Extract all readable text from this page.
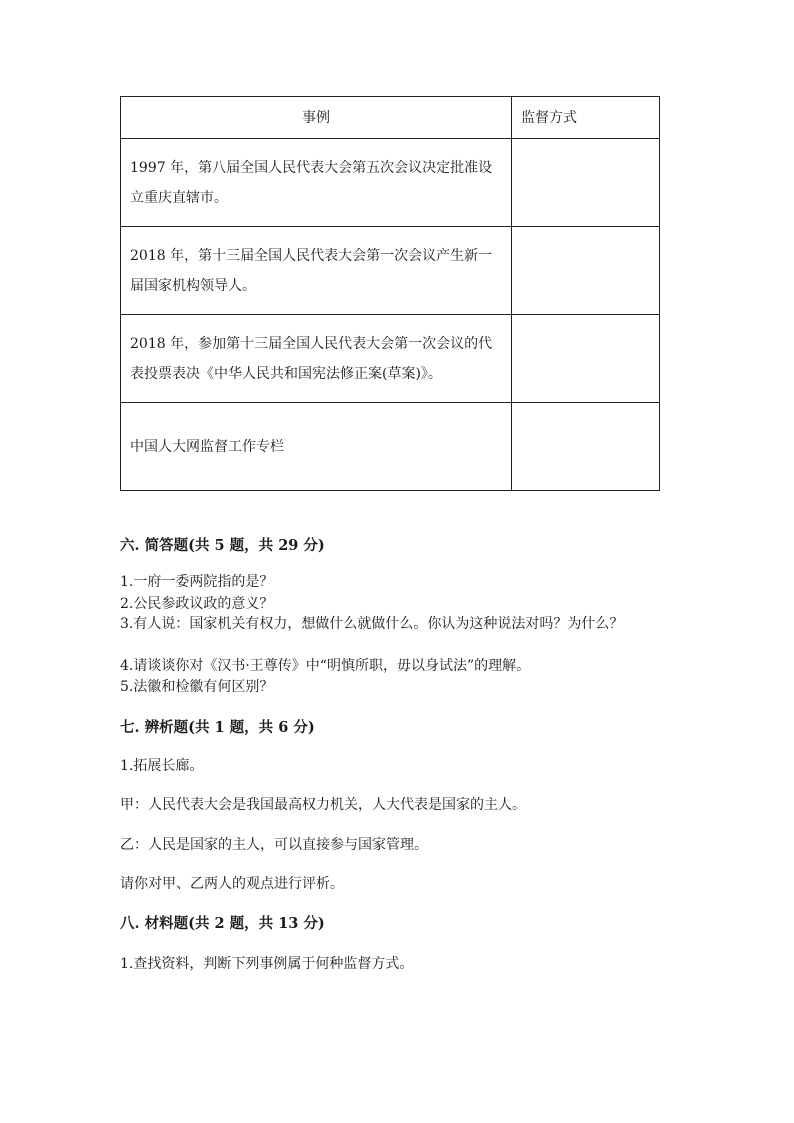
事例	监督方式
1997 年，第八届全国人民代表大会第五次会议决定批准设立重庆直辖市。	
2018 年，第十三届全国人民代表大会第一次会议产生新一届国家机构领导人。	
2018 年，参加第十三届全国人民代表大会第一次会议的代表投票表决《中华人民共和国宪法修正案(草案)》。	
中国人大网监督工作专栏	
六. 简答题(共 5 题，共 29 分)

1.一府一委两院指的是？

2.公民参政议政的意义？

3.有人说：国家机关有权力，想做什么就做什么。你认为这种说法对吗？为什么？

4.请谈谈你对《汉书·王尊传》中“明慎所职，毋以身试法”的理解。

5.法徽和检徽有何区别？

七. 辨析题(共 1 题，共 6 分)

1.拓展长廊。

甲：人民代表大会是我国最高权力机关，人大代表是国家的主人。

乙：人民是国家的主人，可以直接参与国家管理。

请你对甲、乙两人的观点进行评析。

八. 材料题(共 2 题，共 13 分)

1.查找资料，判断下列事例属于何种监督方式。
